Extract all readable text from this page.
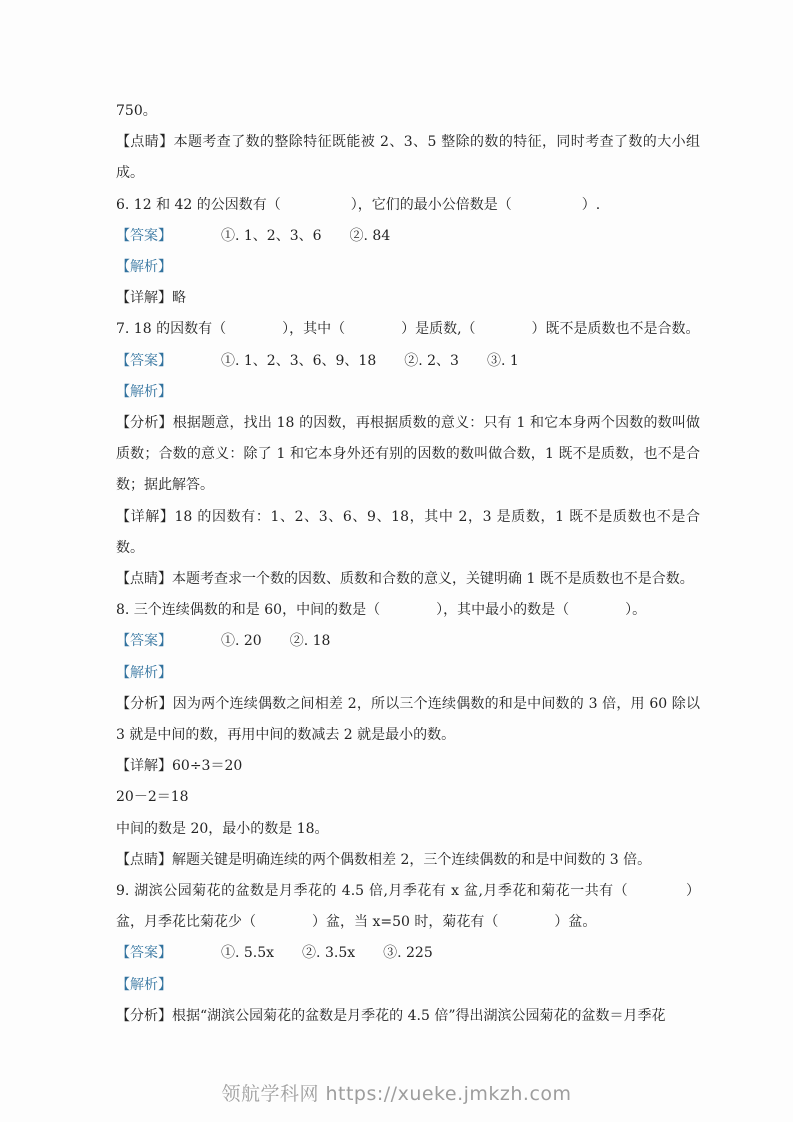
750。

【点睛】本题考查了数的整除特征既能被 2、3、5 整除的数的特征，同时考查了数的大小组成。

6. 12 和 42 的公因数有（　　　　　），它们的最小公倍数是（　　　　　）.

【答案】　　　　①. 1、2、3、6　　②. 84

【解析】

【详解】略

7. 18 的因数有（　　　　），其中（　　　　）是质数,（　　　　）既不是质数也不是合数。

【答案】　　　　①. 1、2、3、6、9、18　　②. 2、3　　③. 1

【解析】

【分析】根据题意，找出 18 的因数，再根据质数的意义：只有 1 和它本身两个因数的数叫做质数；合数的意义：除了 1 和它本身外还有别的因数的数叫做合数，1 既不是质数，也不是合数；据此解答。

【详解】18 的因数有：1、2、3、6、9、18，其中 2，3 是质数，1 既不是质数也不是合数。

【点睛】本题考查求一个数的因数、质数和合数的意义，关键明确 1 既不是质数也不是合数。

8. 三个连续偶数的和是 60，中间的数是（　　　　），其中最小的数是（　　　　）。

【答案】　　　　①. 20　　②. 18

【解析】

【分析】因为两个连续偶数之间相差 2，所以三个连续偶数的和是中间数的 3 倍，用 60 除以 3 就是中间的数，再用中间的数减去 2 就是最小的数。

【详解】60÷3＝20

20－2＝18

中间的数是 20，最小的数是 18。

【点睛】解题关键是明确连续的两个偶数相差 2，三个连续偶数的和是中间数的 3 倍。

9. 湖滨公园菊花的盆数是月季花的 4.5 倍,月季花有 x 盆,月季花和菊花一共有（　　　　）盆，月季花比菊花少（　　　　）盆，当 x=50 时，菊花有（　　　　）盆。

【答案】　　　　①. 5.5x　　②. 3.5x　　③. 225

【解析】

【分析】根据“湖滨公园菊花的盆数是月季花的 4.5 倍”得出湖滨公园菊花的盆数＝月季花

领航学科网 https://xueke.jmkzh.com
